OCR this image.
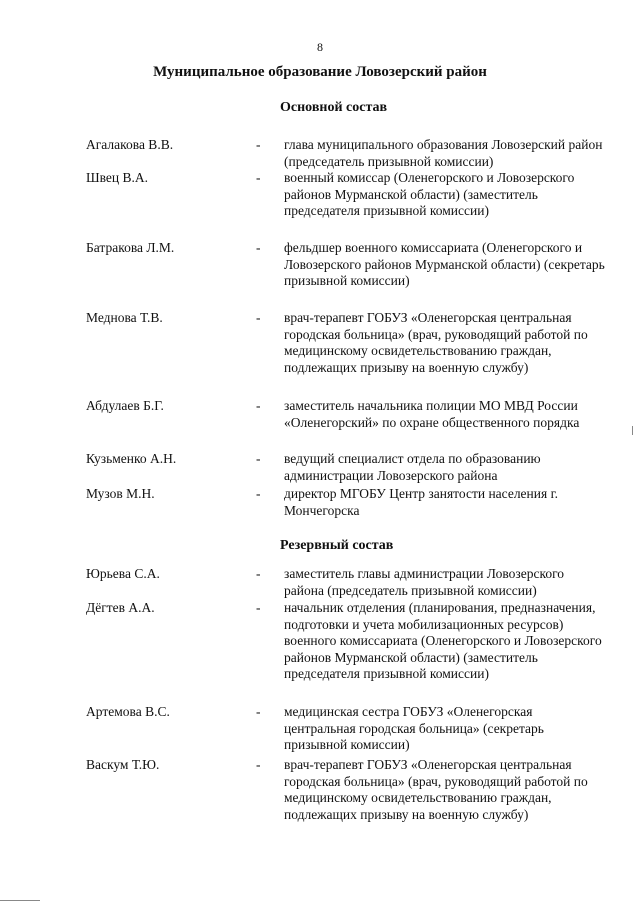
8
Муниципальное образование Ловозерский район
Основной состав
Агалакова В.В.	- глава муниципального образования Ловозерский район (председатель призывной комиссии)
Швец В.А.	- военный комиссар (Оленегорского и Ловозерского районов Мурманской области) (заместитель председателя призывной комиссии)
Батракова Л.М.	- фельдшер военного комиссариата (Оленегорского и Ловозерского районов Мурманской области) (секретарь призывной комиссии)
Меднова Т.В.	- врач-терапевт ГОБУЗ «Оленегорская центральная городская больница» (врач, руководящий работой по медицинскому освидетельствованию граждан, подлежащих призыву на военную службу)
Абдулаев Б.Г.	- заместитель начальника полиции МО МВД России «Оленегорский» по охране общественного порядка
Кузьменко А.Н.	- ведущий специалист отдела по образованию администрации Ловозерского района
Музов М.Н.	- директор МГОБУ Центр занятости населения г. Мончегорска
Резервный состав
Юрьева С.А.	- заместитель главы администрации Ловозерского района (председатель призывной комиссии)
Дёгтев А.А.	- начальник отделения (планирования, предназначения, подготовки и учета мобилизационных ресурсов) военного комиссариата (Оленегорского и Ловозерского районов Мурманской области) (заместитель председателя призывной комиссии)
Артемова В.С.	- медицинская сестра ГОБУЗ «Оленегорская центральная городская больница» (секретарь призывной комиссии)
Васкум Т.Ю.	- врач-терапевт ГОБУЗ «Оленегорская центральная городская больница» (врач, руководящий работой по медицинскому освидетельствованию граждан, подлежащих призыву на военную службу)
